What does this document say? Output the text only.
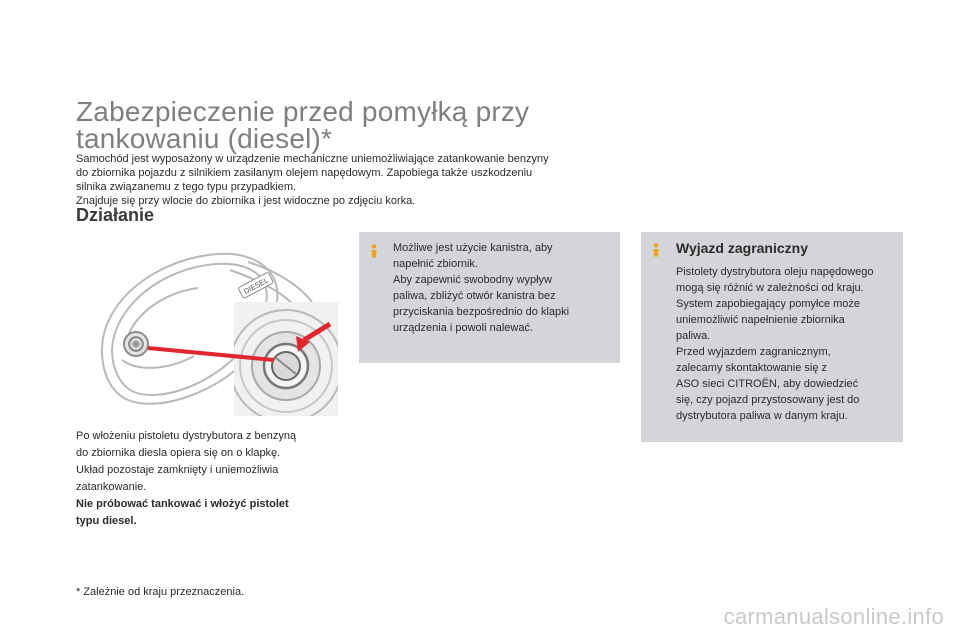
Zabezpieczenie przed pomyłką przy
tankowaniu (diesel)*

Samochód jest wyposażony w urządzenie mechaniczne uniemożliwiające zatankowanie benzyny

do zbiornika pojazdu z silnikiem zasilanym olejem napędowym. Zapobiega także uszkodzeniu

silnika związanemu z tego typu przypadkiem.

Znajduje się przy wlocie do zbiornika i jest widoczne po zdjęciu korka.

Działanie
DIESEL

Po włożeniu pistoletu dystrybutora z benzyną

do zbiornika diesla opiera się on o klapkę.

Układ pozostaje zamknięty i uniemożliwia

zatankowanie.

Nie próbować tankować i włożyć pistolet

typu diesel.

* Zależnie od kraju przeznaczenia.

Możliwe jest użycie kanistra, aby

napełnić zbiornik.

Aby zapewnić swobodny wypływ

paliwa, zbliżyć otwór kanistra bez

przyciskania bezpośrednio do klapki

urządzenia i powoli nalewać.

Wyjazd zagraniczny

Pistolety dystrybutora oleju napędowego

mogą się różnić w zależności od kraju.

System zapobiegający pomyłce może

uniemożliwić napełnienie zbiornika

paliwa.

Przed wyjazdem zagranicznym,

zalecamy skontaktowanie się z

ASO sieci CITROËN, aby dowiedzieć

się, czy pojazd przystosowany jest do

dystrybutora paliwa w danym kraju.

carmanualsonline.info
